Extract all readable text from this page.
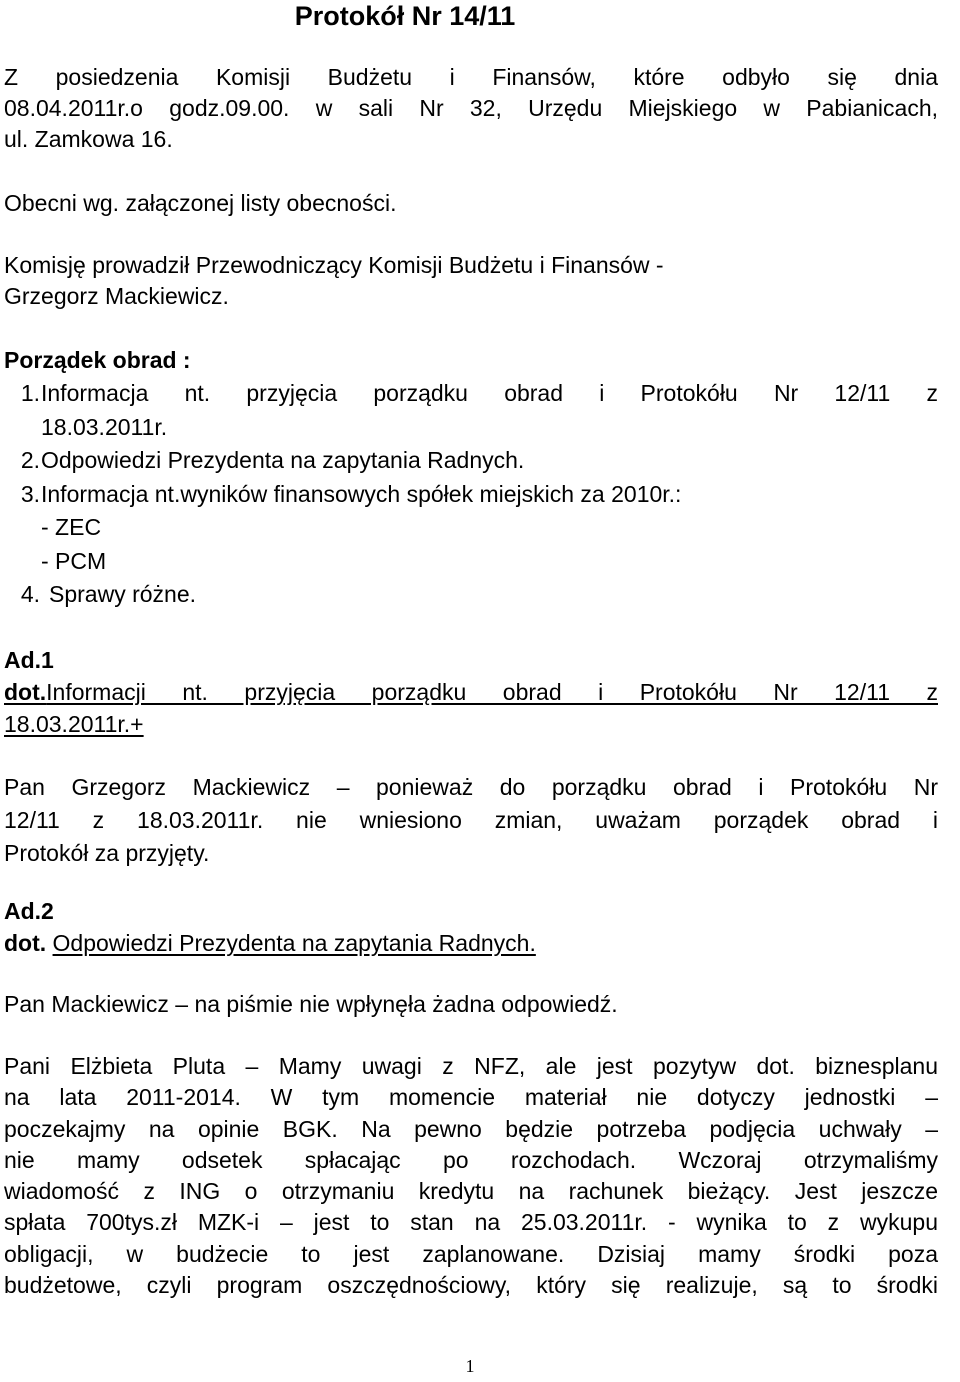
Protokół Nr 14/11
Z posiedzenia Komisji Budżetu i Finansów, które odbyło się dnia
08.04.2011r.o godz.09.00. w sali Nr 32, Urzędu Miejskiego w Pabianicach,
ul. Zamkowa 16.
Obecni wg. załączonej listy obecności.
Komisję prowadził Przewodniczący Komisji Budżetu i Finansów -
Grzegorz Mackiewicz.
Porządek obrad :
1. Informacja nt. przyjęcia porządku obrad i Protokółu Nr 12/11 z
18.03.2011r.
2. Odpowiedzi Prezydenta na zapytania Radnych.
3. Informacja nt.wyników finansowych spółek miejskich za 2010r.:
- ZEC
- PCM
4. Sprawy różne.
Ad.1
dot.Informacji nt. przyjęcia porządku obrad i Protokółu Nr 12/11 z
18.03.2011r.+
Pan Grzegorz Mackiewicz – ponieważ do porządku obrad i Protokółu Nr
12/11 z 18.03.2011r. nie wniesiono zmian, uważam porządek obrad i
Protokół za przyjęty.
Ad.2
dot. Odpowiedzi Prezydenta na zapytania Radnych.
Pan Mackiewicz – na piśmie nie wpłynęła żadna odpowiedź.
Pani Elżbieta Pluta – Mamy uwagi z NFZ, ale jest pozytyw dot. biznesplanu
na lata 2011-2014. W tym momencie materiał nie dotyczy jednostki –
poczekajmy na opinie BGK. Na pewno będzie potrzeba podjęcia uchwały –
nie mamy odsetek spłacając po rozchodach. Wczoraj otrzymaliśmy
wiadomość z ING o otrzymaniu kredytu na rachunek bieżący. Jest jeszcze
spłata 700tys.zł MZK-i – jest to stan na 25.03.2011r. - wynika to z wykupu
obligacji, w budżecie to jest zaplanowane. Dzisiaj mamy środki poza
budżetowe, czyli program oszczędnościowy, który się realizuje, są to środki
1
